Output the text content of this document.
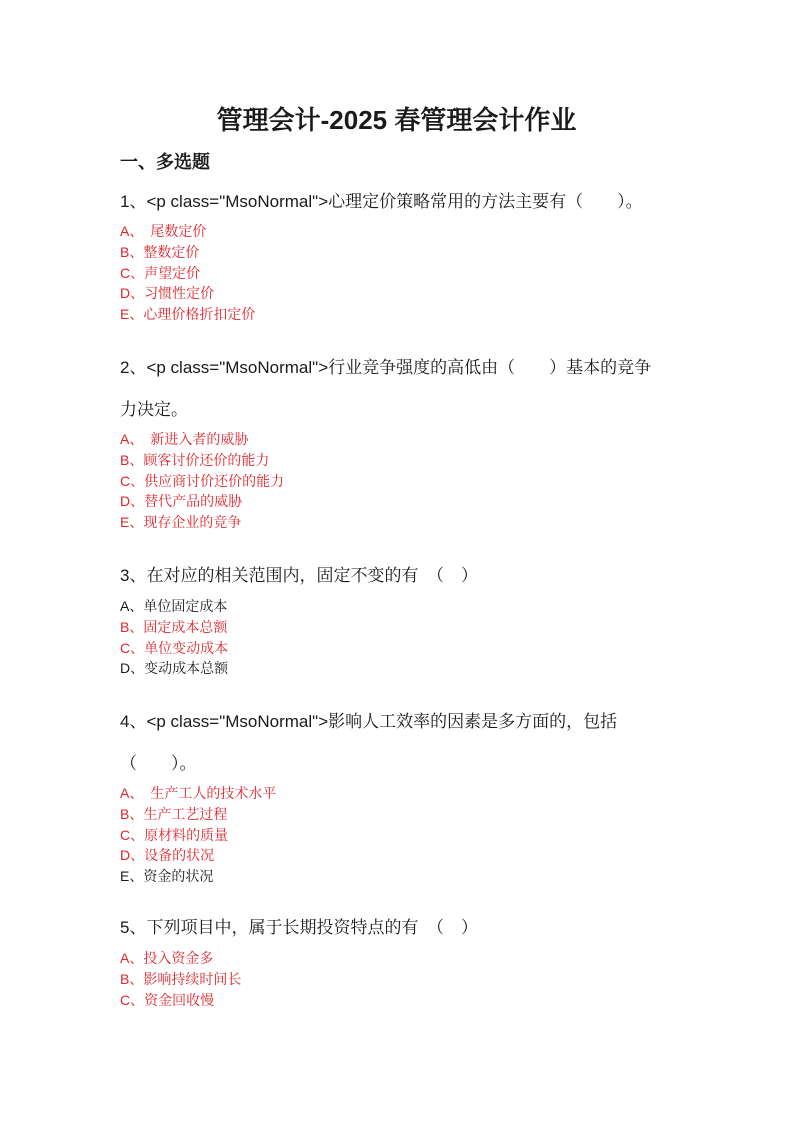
管理会计-2025 春管理会计作业
一、多选题
1、<p class="MsoNormal">心理定价策略常用的方法主要有（　　）。
A、　尾数定价
B、整数定价
C、声望定价
D、习惯性定价
E、心理价格折扣定价
2、<p class="MsoNormal">行业竞争强度的高低由（　　）基本的竞争
力决定。
A、　新进入者的威胁
B、顾客讨价还价的能力
C、供应商讨价还价的能力
D、替代产品的威胁
E、现存企业的竞争
3、在对应的相关范围内，固定不变的有　（　）
A、单位固定成本
B、固定成本总额
C、单位变动成本
D、变动成本总额
4、<p class="MsoNormal">影响人工效率的因素是多方面的，包括
（　　）。
A、　生产工人的技术水平
B、生产工艺过程
C、原材料的质量
D、设备的状况
E、资金的状况
5、下列项目中，属于长期投资特点的有　（　）
A、投入资金多
B、影响持续时间长
C、资金回收慢
